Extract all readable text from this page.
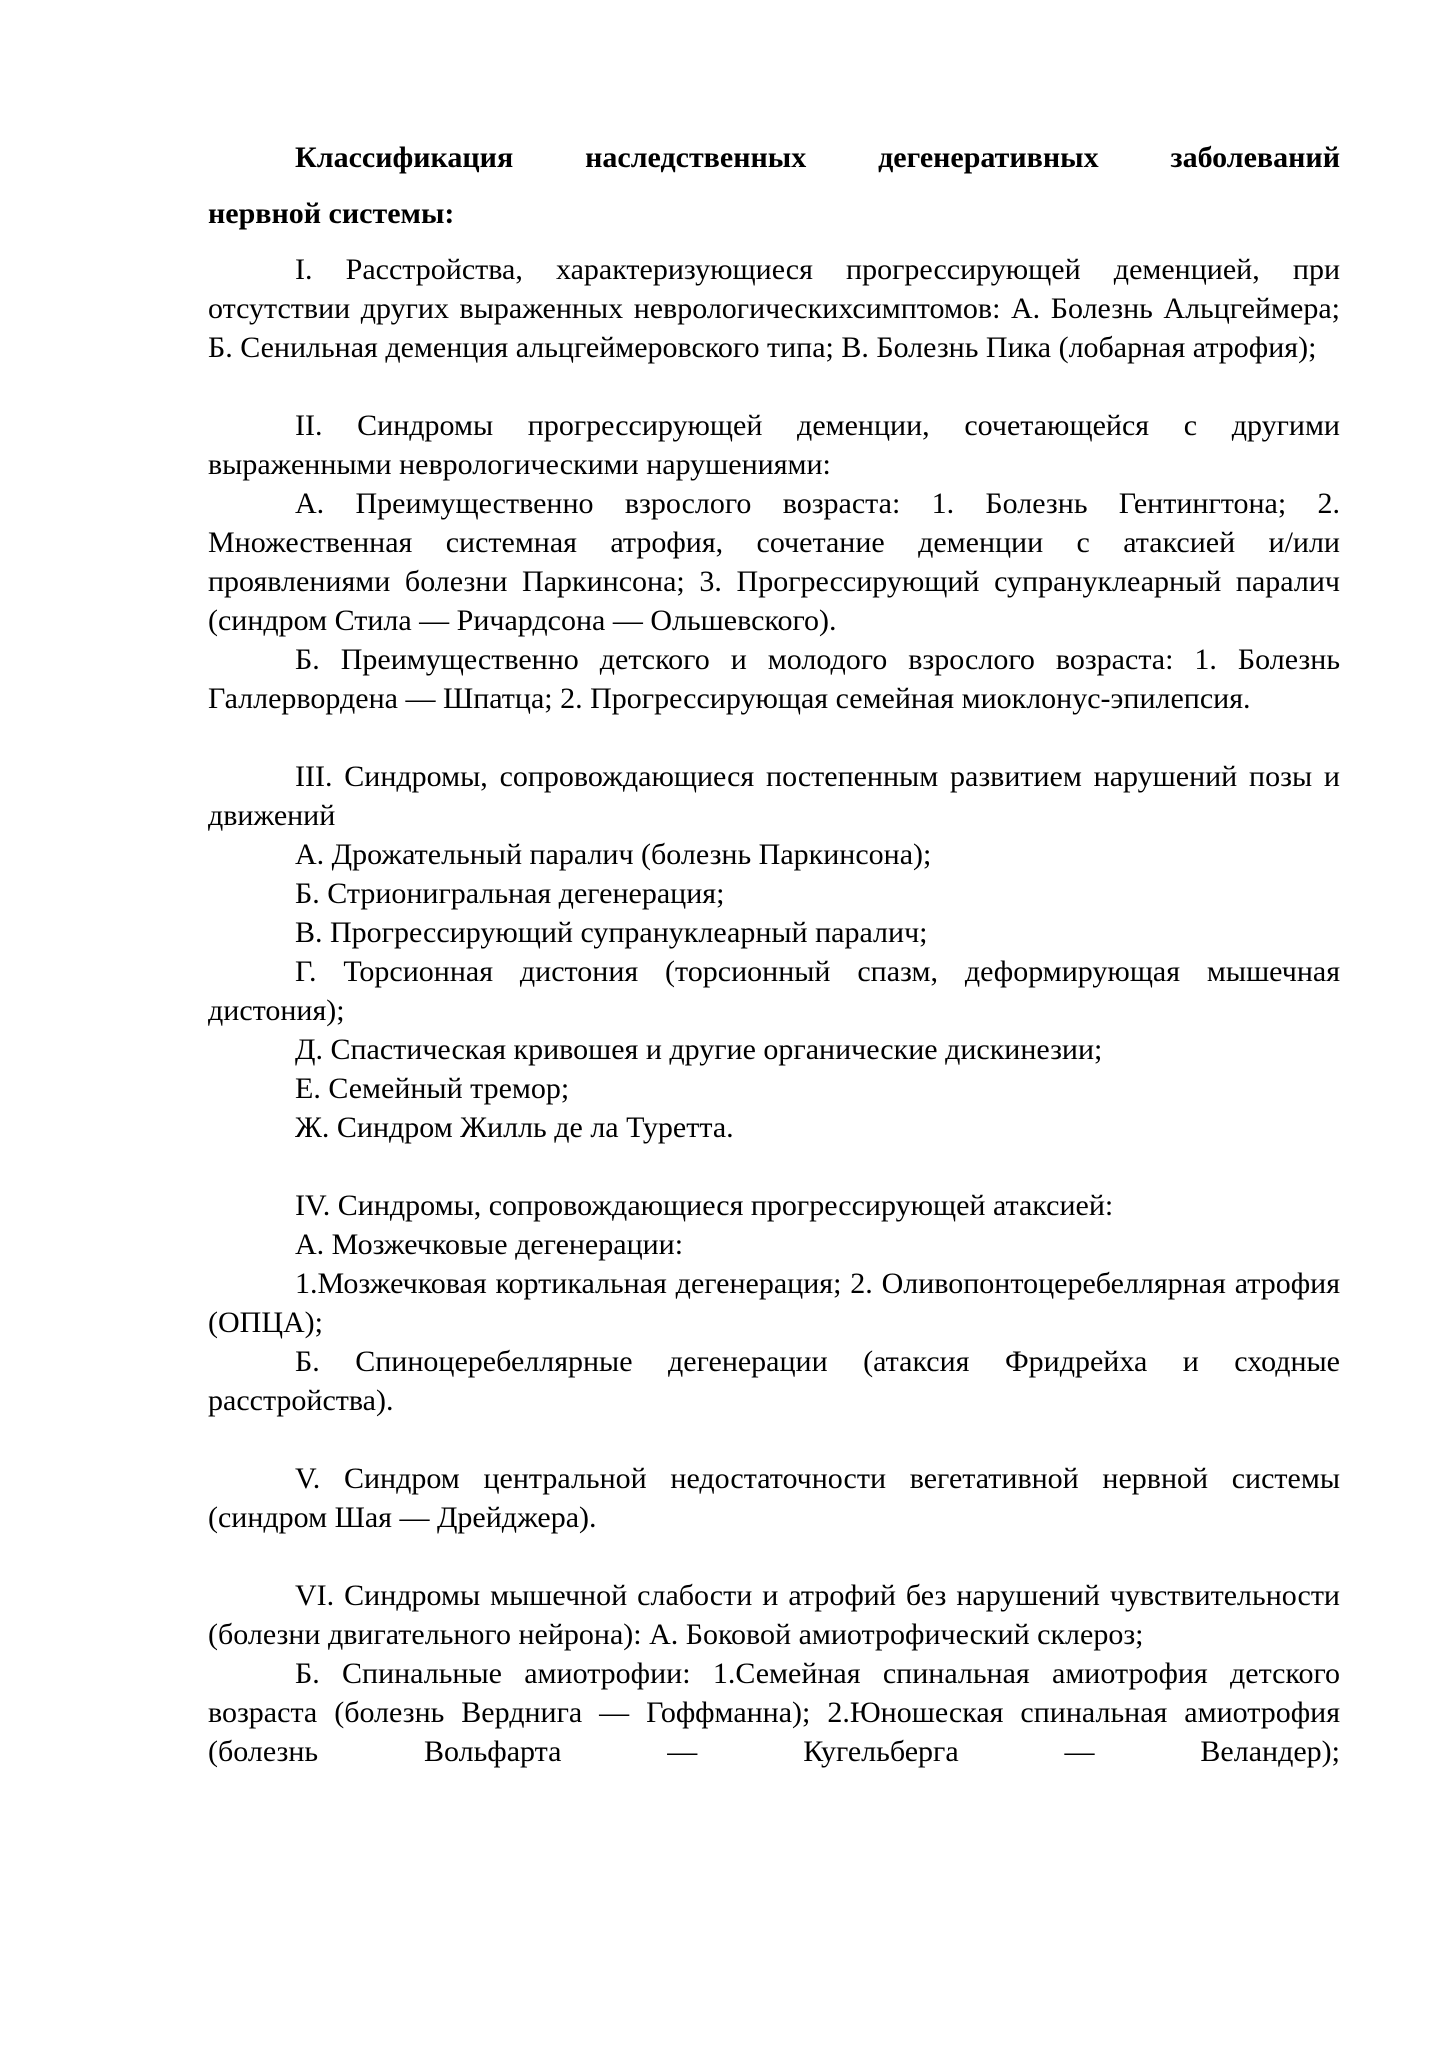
Классификация наследственных дегенеративных заболеваний
нервной системы:

I. Расстройства, характеризующиеся прогрессирующей деменцией, при отсутствии других выраженных неврологическихсимптомов: А. Болезнь Альцгеймера; Б. Сенильная деменция альцгеймеровского типа; В. Болезнь Пика (лобарная атрофия);

II. Синдромы прогрессирующей деменции, сочетающейся с другими выраженными неврологическими нарушениями:

А. Преимущественно взрослого возраста: 1. Болезнь Гентингтона; 2. Множественная системная атрофия, сочетание деменции с атаксией и/или проявлениями болезни Паркинсона; 3. Прогрессирующий супрануклеарный паралич (синдром Стила — Ричардсона — Ольшевского).

Б. Преимущественно детского и молодого взрослого возраста: 1. Болезнь Галлервордена — Шпатца; 2. Прогрессирующая семейная миоклонус-эпилепсия.

III. Синдромы, сопровождающиеся постепенным развитием нарушений позы и движений

А. Дрожательный паралич (болезнь Паркинсона);

Б. Стрионигральная дегенерация;

В. Прогрессирующий супрануклеарный паралич;

Г. Торсионная дистония (торсионный спазм, деформирующая мышечная дистония);

Д. Спастическая кривошея и другие органические дискинезии;

Е. Семейный тремор;

Ж. Синдром Жилль де ла Туретта.

IV. Синдромы, сопровождающиеся прогрессирующей атаксией:

А. Мозжечковые дегенерации:

1.Мозжечковая кортикальная дегенерация; 2. Оливопонтоцеребеллярная атрофия (ОПЦА);

Б. Спиноцеребеллярные дегенерации (атаксия Фридрейха и сходные расстройства).

V. Синдром центральной недостаточности вегетативной нервной системы (синдром Шая — Дрейджера).

VI. Синдромы мышечной слабости и атрофий без нарушений чувствительности (болезни двигательного нейрона): А. Боковой амиотрофический склероз;

Б. Спинальные амиотрофии: 1.Семейная спинальная амиотрофия детского возраста (болезнь Верднига — Гоффманна); 2.Юношеская спинальная амиотрофия (болезнь Вольфарта — Кугельберга — Веландер);
